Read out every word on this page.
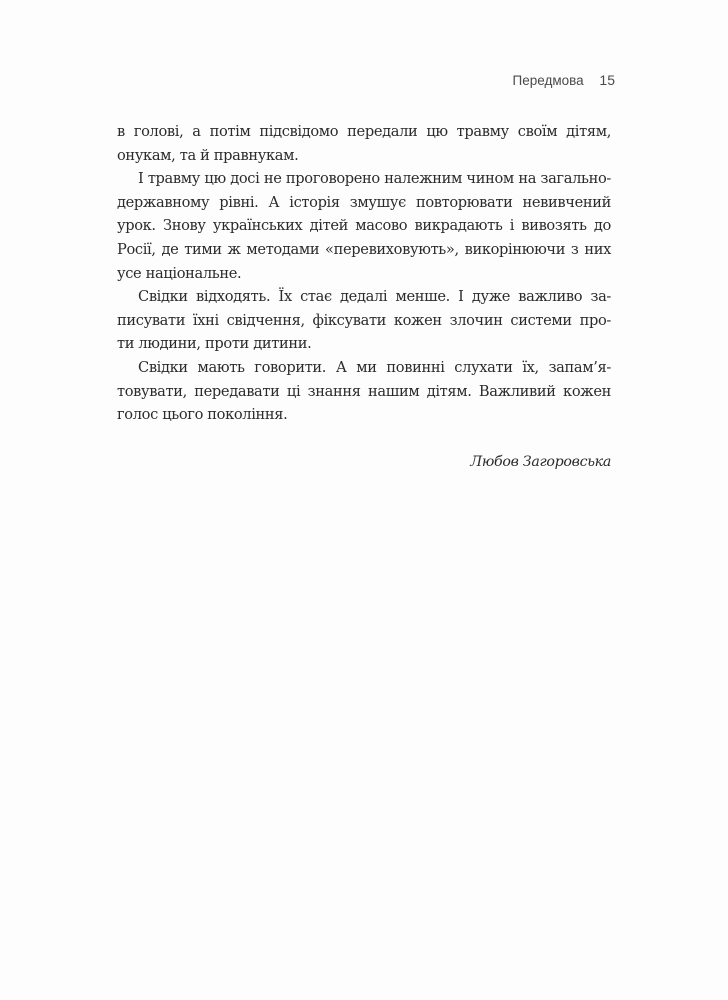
Передмова 15
в голові, а потім підсвідомо передали цю травму своїм дітям,
онукам, та й правнукам.
І травму цю досі не проговорено належним чином на загально-
державному рівні. А історія змушує повторювати невивчений
урок. Знову українських дітей масово викрадають і вивозять до
Росії, де тими ж методами «перевиховують», викорінюючи з них
усе національне.
Свідки відходять. Їх стає дедалі менше. І дуже важливо за-
писувати їхні свідчення, фіксувати кожен злочин системи про-
ти людини, проти дитини.
Свідки мають говорити. А ми повинні слухати їх, запам’я-
товувати, передавати ці знання нашим дітям. Важливий кожен
голос цього покоління.
Любов Загоровська
